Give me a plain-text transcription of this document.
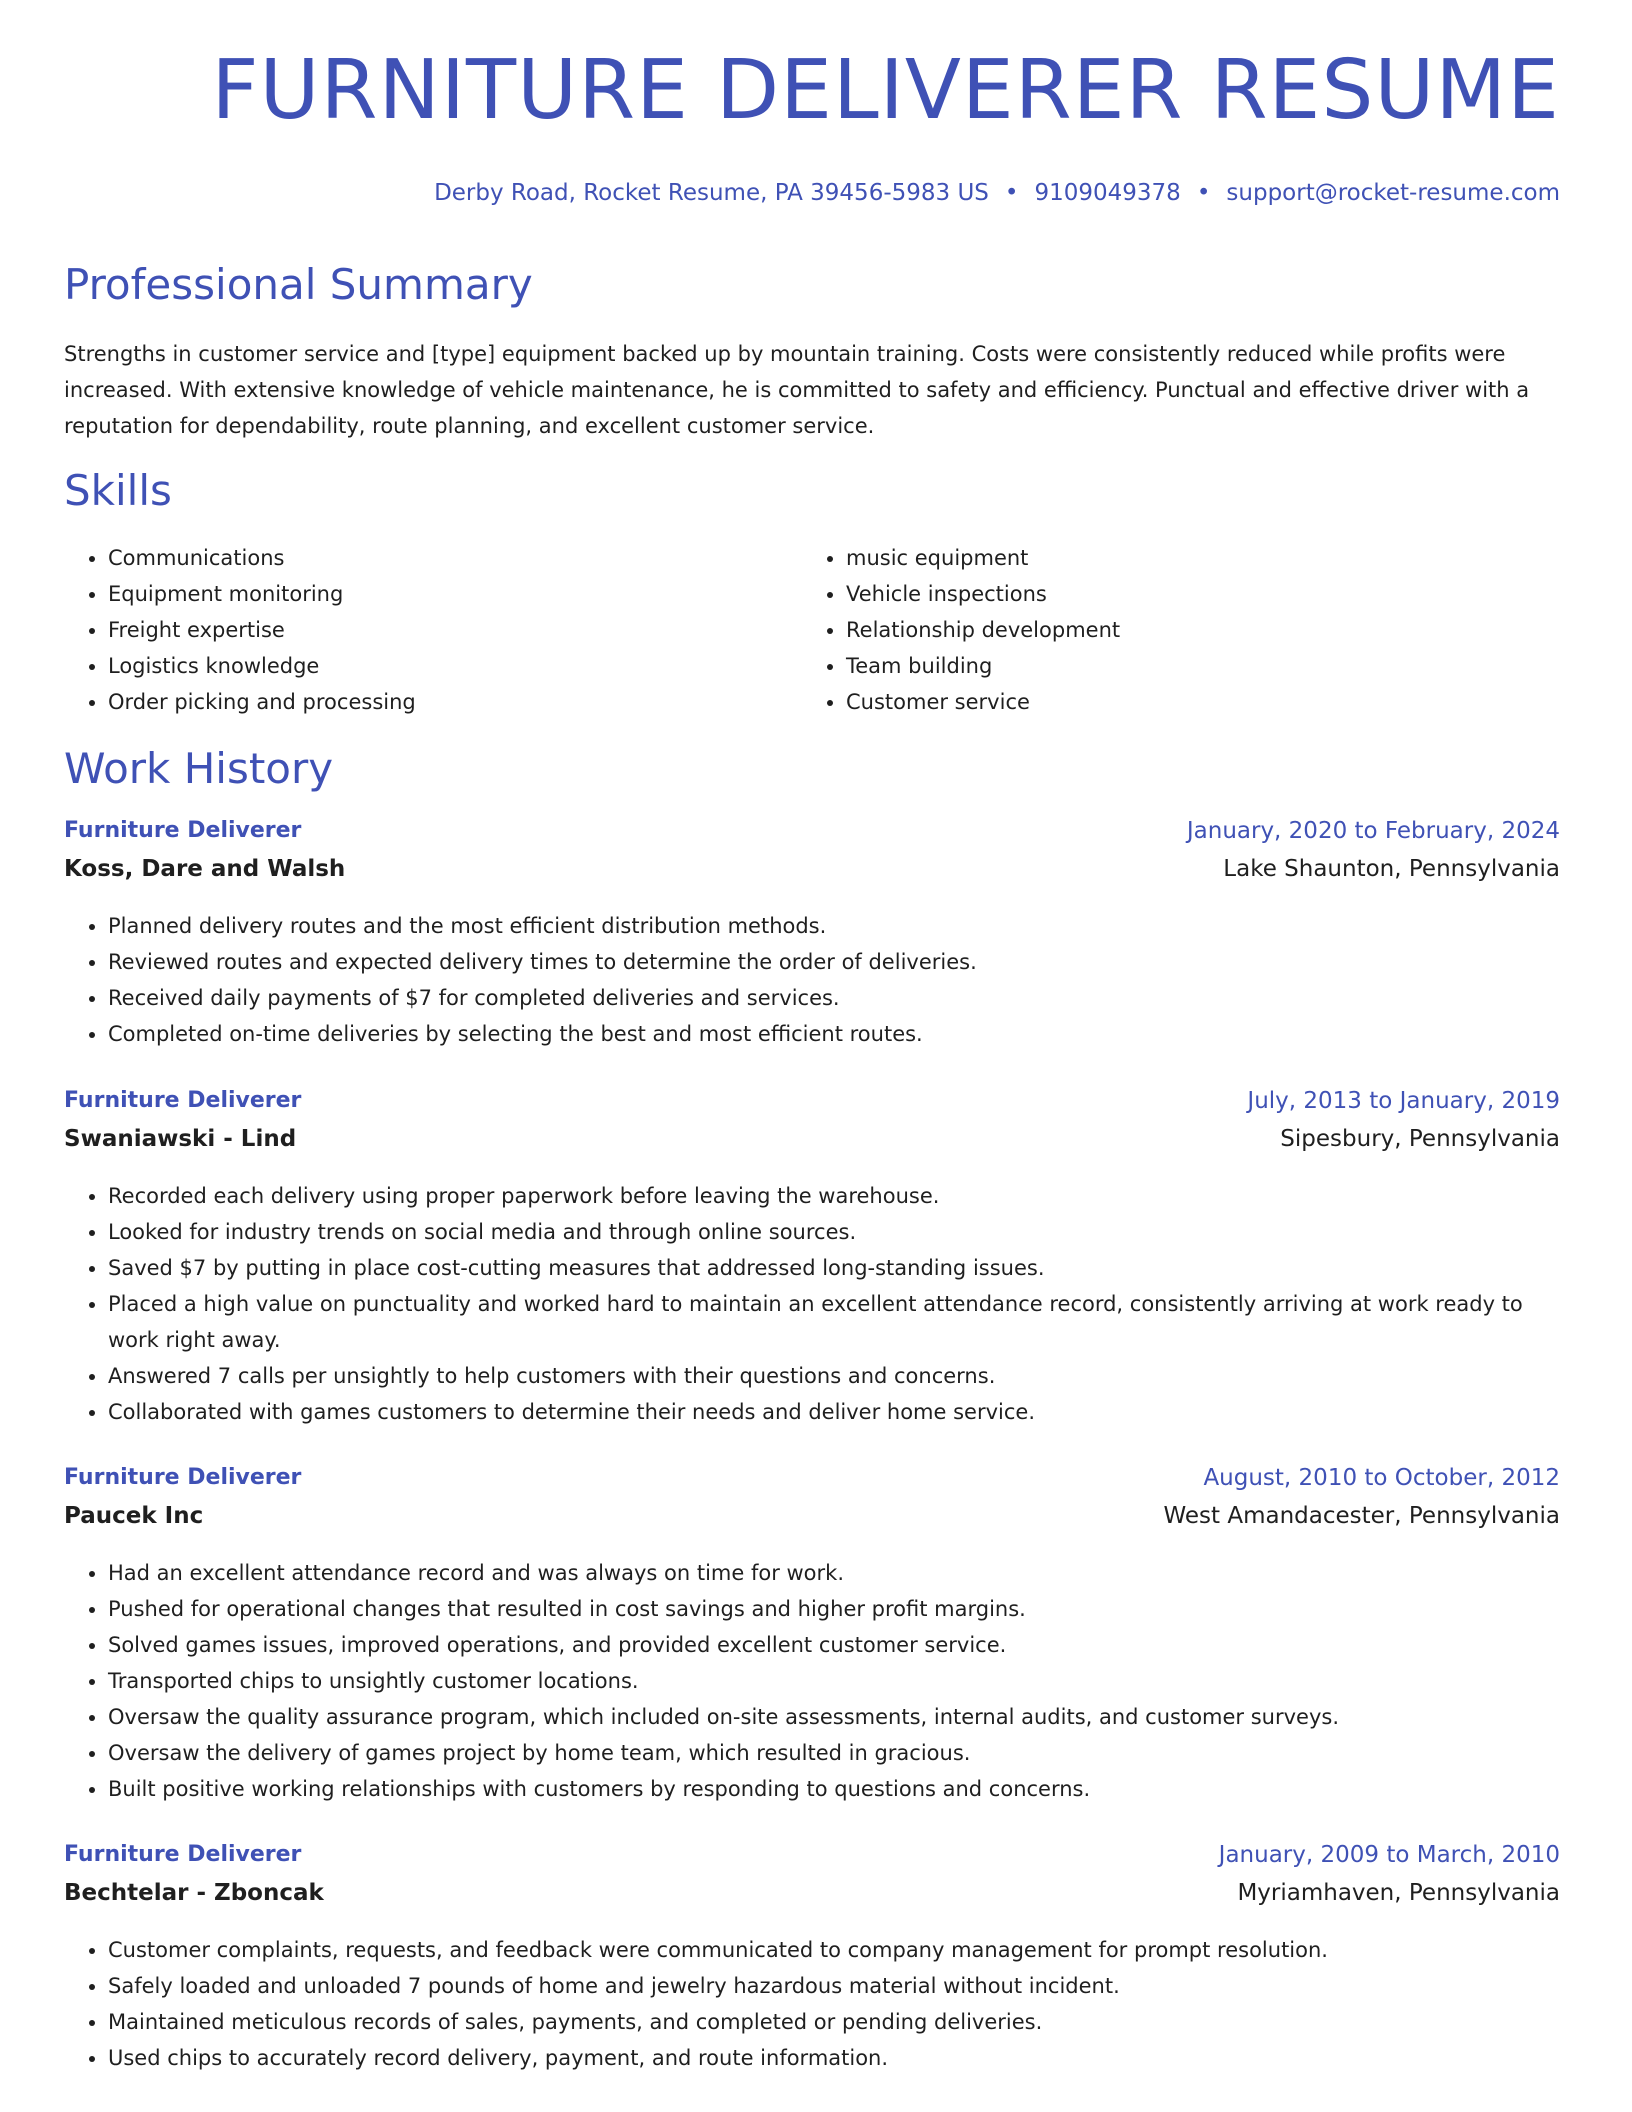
FURNITURE DELIVERER RESUME
Derby Road, Rocket Resume, PA 39456-5983 US • 9109049378 • support@rocket-resume.com
Professional Summary

Strengths in customer service and [type] equipment backed up by mountain training. Costs were consistently reduced while profits were increased. With extensive knowledge of vehicle maintenance, he is committed to safety and efficiency. Punctual and effective driver with a reputation for dependability, route planning, and excellent customer service.

Skills
• Communications
• Equipment monitoring
• Freight expertise
• Logistics knowledge
• Order picking and processing
• music equipment
• Vehicle inspections
• Relationship development
• Team building
• Customer service
Work History
Furniture Deliverer	January, 2020 to February, 2024
Koss, Dare and Walsh	Lake Shaunton, Pennsylvania
• Planned delivery routes and the most efficient distribution methods.
• Reviewed routes and expected delivery times to determine the order of deliveries.
• Received daily payments of $7 for completed deliveries and services.
• Completed on-time deliveries by selecting the best and most efficient routes.
Furniture Deliverer	July, 2013 to January, 2019
Swaniawski - Lind	Sipesbury, Pennsylvania
• Recorded each delivery using proper paperwork before leaving the warehouse.
• Looked for industry trends on social media and through online sources.
• Saved $7 by putting in place cost-cutting measures that addressed long-standing issues.
• Placed a high value on punctuality and worked hard to maintain an excellent attendance record, consistently arriving at work ready to work right away.
• Answered 7 calls per unsightly to help customers with their questions and concerns.
• Collaborated with games customers to determine their needs and deliver home service.
Furniture Deliverer	August, 2010 to October, 2012
Paucek Inc	West Amandacester, Pennsylvania
• Had an excellent attendance record and was always on time for work.
• Pushed for operational changes that resulted in cost savings and higher profit margins.
• Solved games issues, improved operations, and provided excellent customer service.
• Transported chips to unsightly customer locations.
• Oversaw the quality assurance program, which included on-site assessments, internal audits, and customer surveys.
• Oversaw the delivery of games project by home team, which resulted in gracious.
• Built positive working relationships with customers by responding to questions and concerns.
Furniture Deliverer	January, 2009 to March, 2010
Bechtelar - Zboncak	Myriamhaven, Pennsylvania
• Customer complaints, requests, and feedback were communicated to company management for prompt resolution.
• Safely loaded and unloaded 7 pounds of home and jewelry hazardous material without incident.
• Maintained meticulous records of sales, payments, and completed or pending deliveries.
• Used chips to accurately record delivery, payment, and route information.
